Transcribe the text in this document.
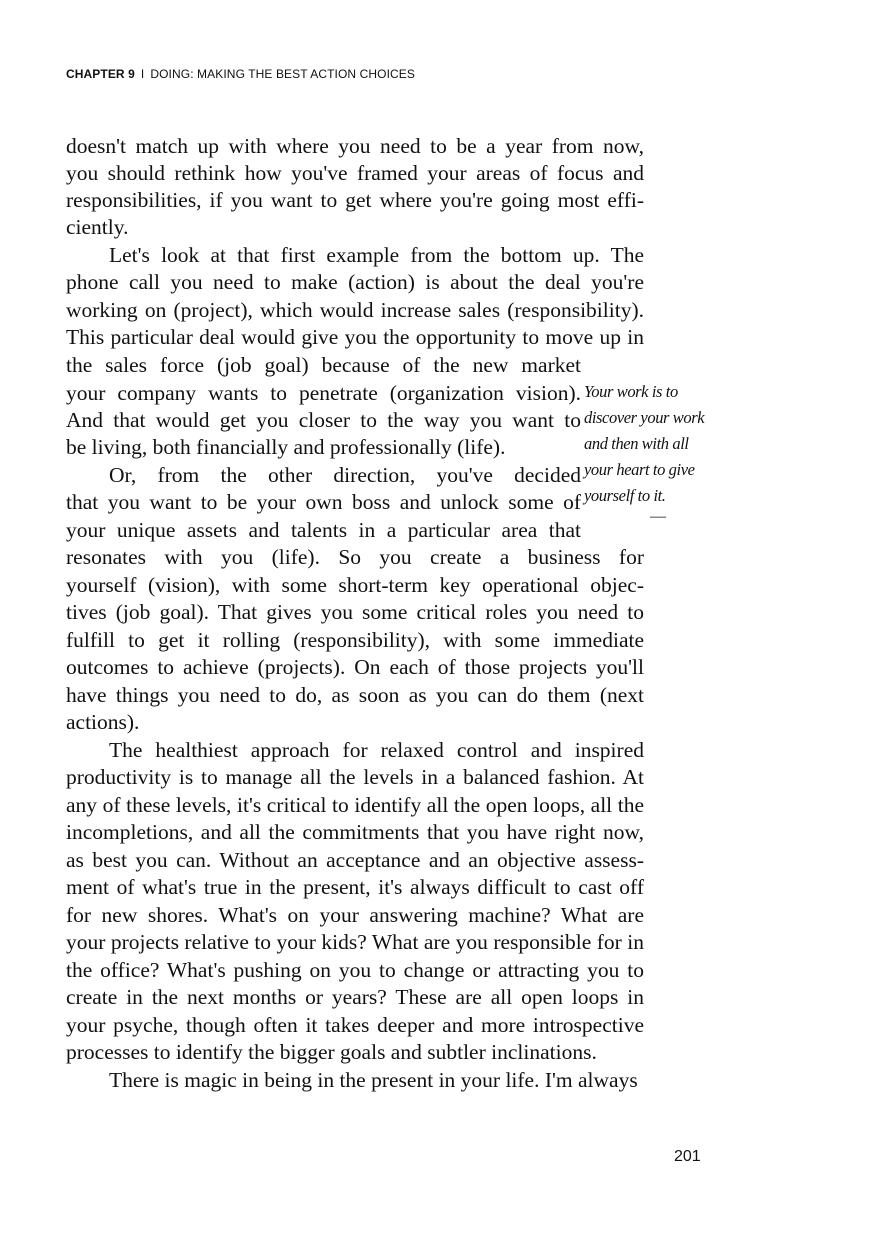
CHAPTER 9 I DOING: MAKING THE BEST ACTION CHOICES
doesn't match up with where you need to be a year from now,
you should rethink how you've framed your areas of focus and
responsibilities, if you want to get where you're going most effi-
ciently.
Let's look at that first example from the bottom up. The
phone call you need to make (action) is about the deal you're
working on (project), which would increase sales (responsibility).
This particular deal would give you the opportunity to move up in
the sales force (job goal) because of the new market
your company wants to penetrate (organization vision).
And that would get you closer to the way you want to
be living, both financially and professionally (life).
Or, from the other direction, you've decided
that you want to be your own boss and unlock some of
your unique assets and talents in a particular area that
resonates with you (life). So you create a business for
yourself (vision), with some short-term key operational objec-
tives (job goal). That gives you some critical roles you need to
fulfill to get it rolling (responsibility), with some immediate
outcomes to achieve (projects). On each of those projects you'll
have things you need to do, as soon as you can do them (next
actions).
The healthiest approach for relaxed control and inspired
productivity is to manage all the levels in a balanced fashion. At
any of these levels, it's critical to identify all the open loops, all the
incompletions, and all the commitments that you have right now,
as best you can. Without an acceptance and an objective assess-
ment of what's true in the present, it's always difficult to cast off
for new shores. What's on your answering machine? What are
your projects relative to your kids? What are you responsible for in
the office? What's pushing on you to change or attracting you to
create in the next months or years? These are all open loops in
your psyche, though often it takes deeper and more introspective
processes to identify the bigger goals and subtler inclinations.
There is magic in being in the present in your life. I'm always
Your work is to
discover your work
and then with all
your heart to give
yourself to it.
—
201
